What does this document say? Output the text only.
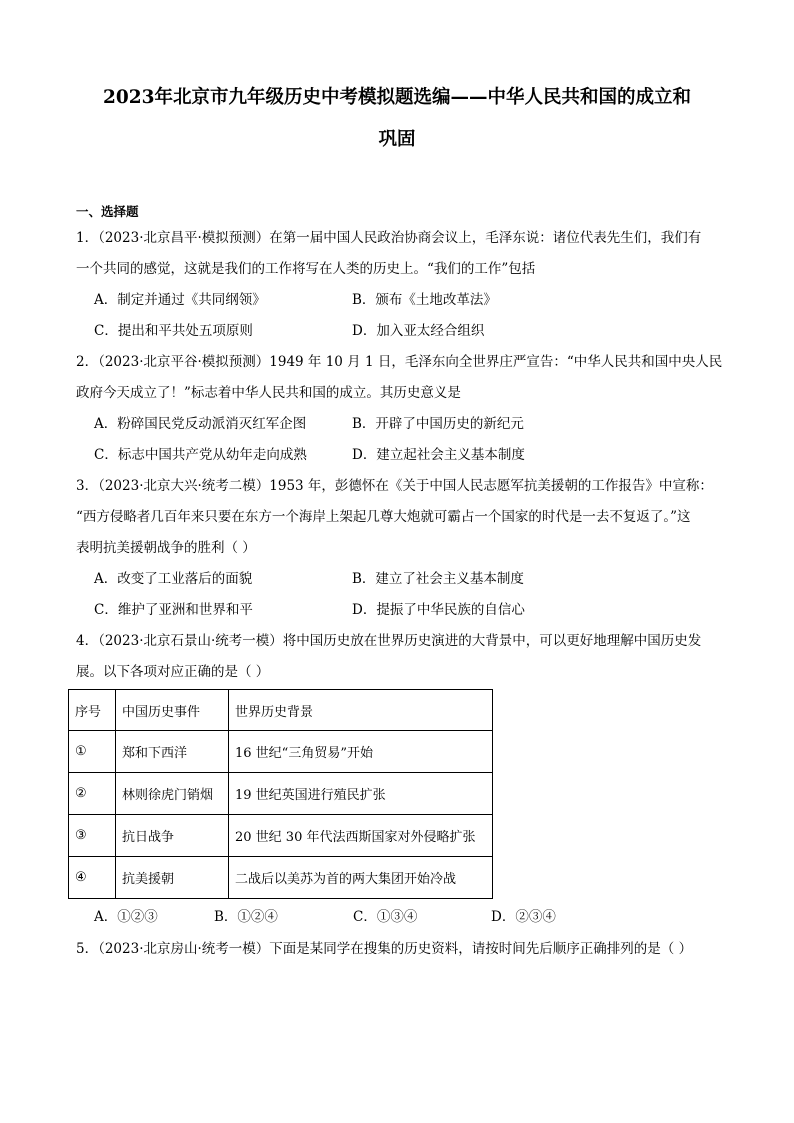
2023年北京市九年级历史中考模拟题选编——中华人民共和国的成立和
巩固
一、选择题
1．（2023·北京昌平·模拟预测）在第一届中国人民政治协商会议上，毛泽东说：诸位代表先生们，我们有
一个共同的感觉，这就是我们的工作将写在人类的历史上。“我们的工作”包括
A．制定并通过《共同纲领》	B．颁布《土地改革法》
C．提出和平共处五项原则	D．加入亚太经合组织
2．（2023·北京平谷·模拟预测）1949 年 10 月 1 日，毛泽东向全世界庄严宣告：“中华人民共和国中央人民
政府今天成立了！”标志着中华人民共和国的成立。其历史意义是
A．粉碎国民党反动派消灭红军企图	B．开辟了中国历史的新纪元
C．标志中国共产党从幼年走向成熟	D．建立起社会主义基本制度
3．（2023·北京大兴·统考二模）1953 年，彭德怀在《关于中国人民志愿军抗美援朝的工作报告》中宣称：
“西方侵略者几百年来只要在东方一个海岸上架起几尊大炮就可霸占一个国家的时代是一去不复返了。”这
表明抗美援朝战争的胜利（ ）
A．改变了工业落后的面貌	B．建立了社会主义基本制度
C．维护了亚洲和世界和平	D．提振了中华民族的自信心
4．（2023·北京石景山·统考一模）将中国历史放在世界历史演进的大背景中，可以更好地理解中国历史发
展。以下各项对应正确的是（ ）
序号	中国历史事件	世界历史背景
①	郑和下西洋	16 世纪“三角贸易”开始
②	林则徐虎门销烟	19 世纪英国进行殖民扩张
③	抗日战争	20 世纪 30 年代法西斯国家对外侵略扩张
④	抗美援朝	二战后以美苏为首的两大集团开始冷战
A．①②③	B．①②④	C．①③④	D．②③④
5．（2023·北京房山·统考一模）下面是某同学在搜集的历史资料，请按时间先后顺序正确排列的是（ ）
